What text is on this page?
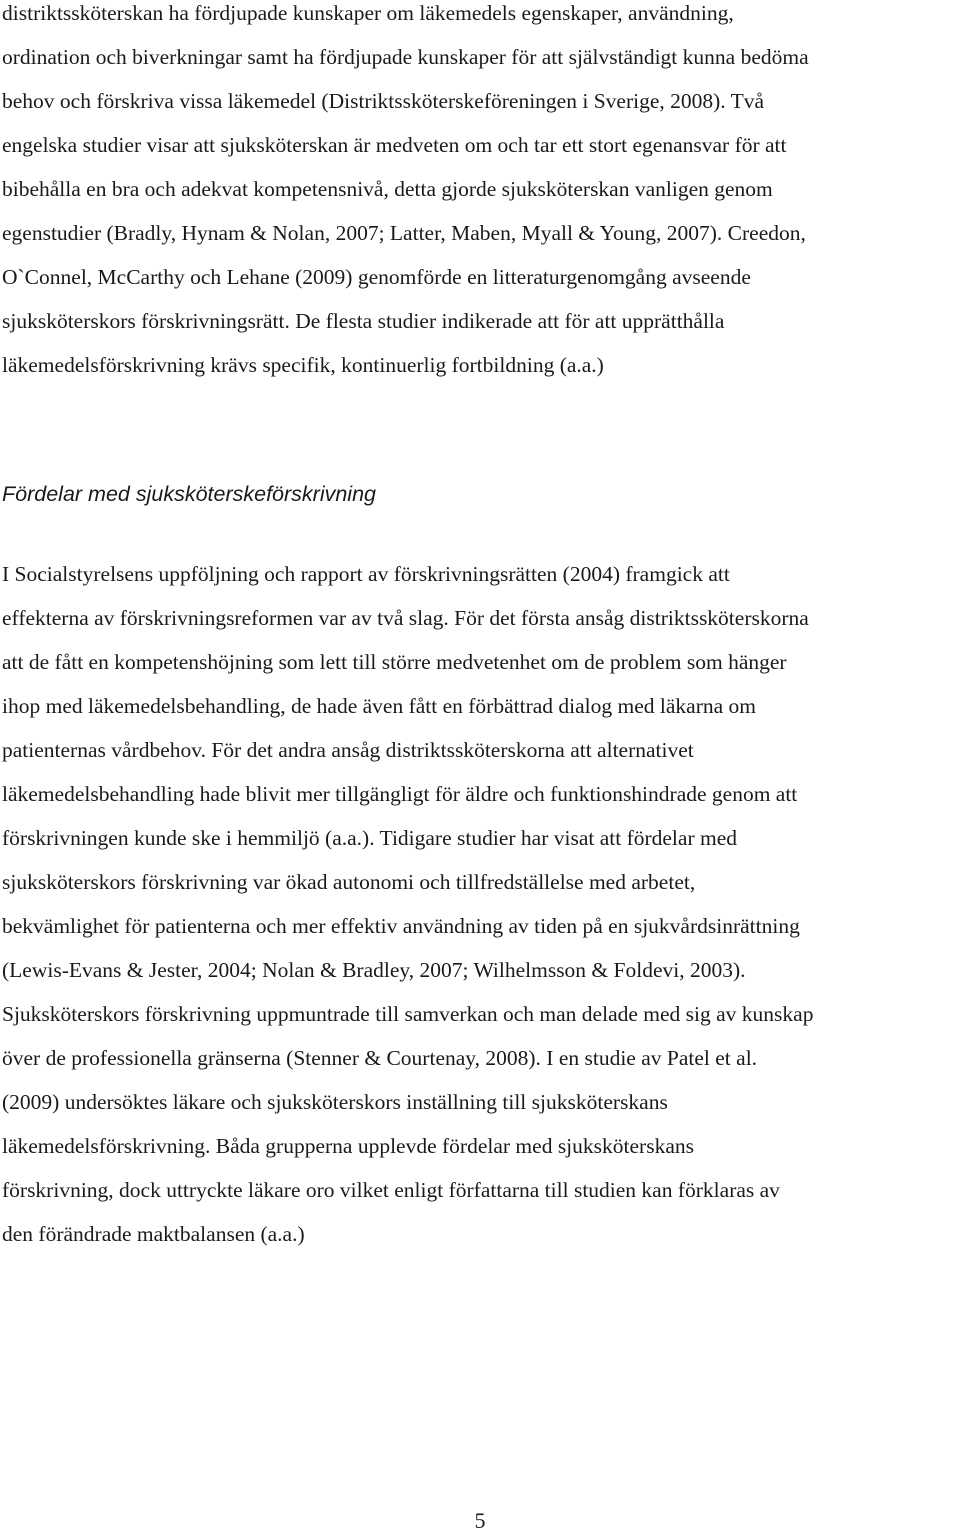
distriktssköterskan ha fördjupade kunskaper om läkemedels egenskaper, användning,
ordination och biverkningar samt ha fördjupade kunskaper för att självständigt kunna bedöma
behov och förskriva vissa läkemedel (Distriktssköterskeföreningen i Sverige, 2008). Två
engelska studier visar att sjuksköterskan är medveten om och tar ett stort egenansvar för att
bibehålla en bra och adekvat kompetensnivå, detta gjorde sjuksköterskan vanligen genom
egenstudier (Bradly, Hynam & Nolan, 2007; Latter, Maben, Myall & Young, 2007). Creedon,
O`Connel, McCarthy och Lehane (2009) genomförde en litteraturgenomgång avseende
sjuksköterskors förskrivningsrätt. De flesta studier indikerade att för att upprätthålla
läkemedelsförskrivning krävs specifik, kontinuerlig fortbildning (a.a.)
Fördelar med sjuksköterskeförskrivning
I Socialstyrelsens uppföljning och rapport av förskrivningsrätten (2004) framgick att
effekterna av förskrivningsreformen var av två slag. För det första ansåg distriktssköterskorna
att de fått en kompetenshöjning som lett till större medvetenhet om de problem som hänger
ihop med läkemedelsbehandling, de hade även fått en förbättrad dialog med läkarna om
patienternas vårdbehov. För det andra ansåg distriktssköterskorna att alternativet
läkemedelsbehandling hade blivit mer tillgängligt för äldre och funktionshindrade genom att
förskrivningen kunde ske i hemmiljö (a.a.). Tidigare studier har visat att fördelar med
sjuksköterskors förskrivning var ökad autonomi och tillfredställelse med arbetet,
bekvämlighet för patienterna och mer effektiv användning av tiden på en sjukvårdsinrättning
(Lewis-Evans & Jester, 2004; Nolan & Bradley, 2007; Wilhelmsson & Foldevi, 2003).
Sjuksköterskors förskrivning uppmuntrade till samverkan och man delade med sig av kunskap
över de professionella gränserna (Stenner & Courtenay, 2008). I en studie av Patel et al.
(2009) undersöktes läkare och sjuksköterskors inställning till sjuksköterskans
läkemedelsförskrivning. Båda grupperna upplevde fördelar med sjuksköterskans
förskrivning, dock uttryckte läkare oro vilket enligt författarna till studien kan förklaras av
den förändrade maktbalansen (a.a.)
5
